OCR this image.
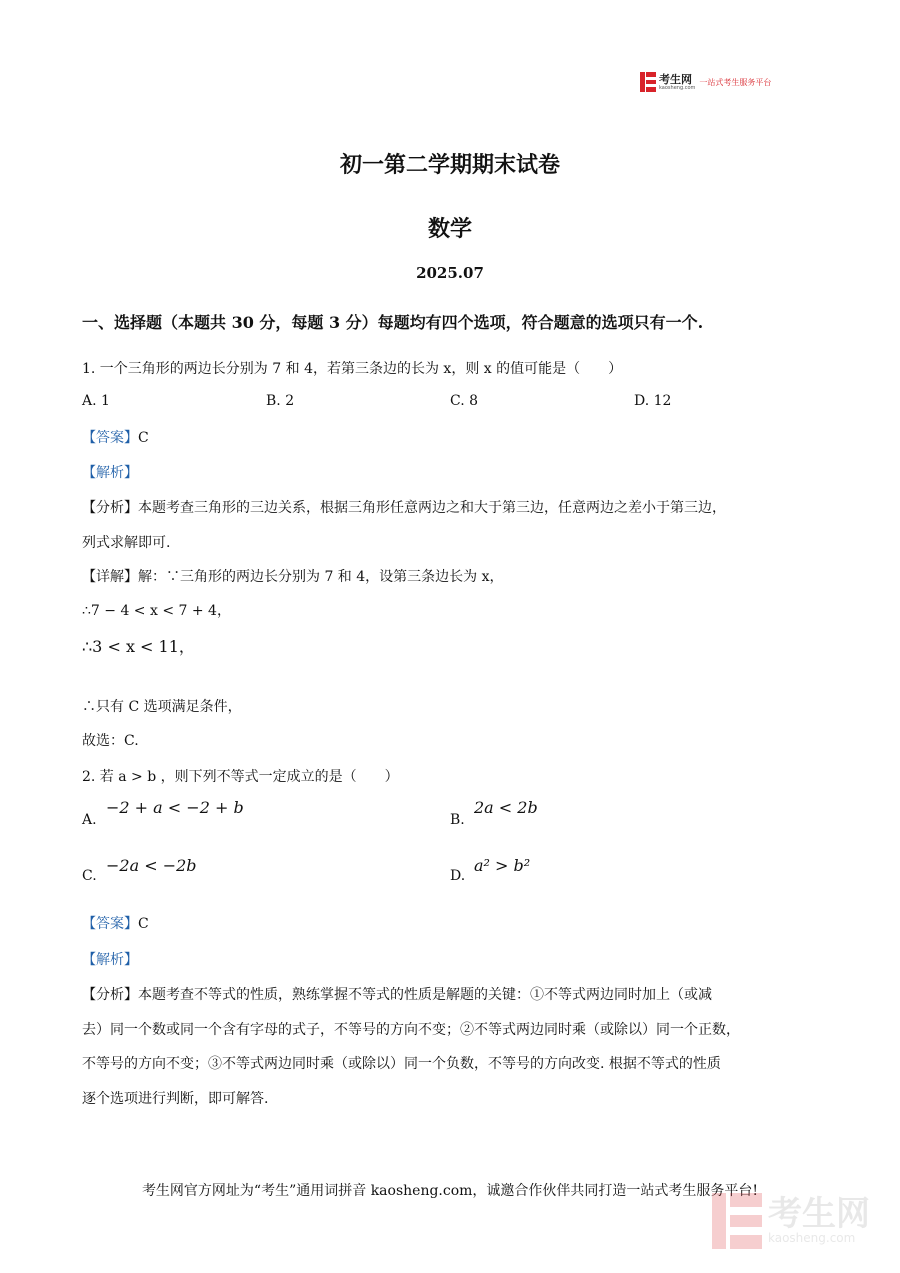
考生网
kaosheng.com
一站式考生服务平台
初一第二学期期末试卷
数学
2025.07
一、选择题（本题共 30 分，每题 3 分）每题均有四个选项，符合题意的选项只有一个.
1. 一个三角形的两边长分别为 7 和 4，若第三条边的长为 x，则 x 的值可能是（　　）
A. 1	B. 2	C. 8	D. 12
【答案】C
【解析】
【分析】本题考查三角形的三边关系，根据三角形任意两边之和大于第三边，任意两边之差小于第三边，
列式求解即可.
【详解】解：∵三角形的两边长分别为 7 和 4，设第三条边长为 x，
∴7 − 4 < x < 7 + 4，
∴3 < x < 11，
∴只有 C 选项满足条件，
故选：C.
2. 若 a > b ，则下列不等式一定成立的是（　　）
A.
−2 + a < −2 + b
B.
2a < 2b
C.
−2a < −2b
D.
a² > b²
【答案】C
【解析】
【分析】本题考查不等式的性质，熟练掌握不等式的性质是解题的关键：①不等式两边同时加上（或减
去）同一个数或同一个含有字母的式子，不等号的方向不变；②不等式两边同时乘（或除以）同一个正数，
不等号的方向不变；③不等式两边同时乘（或除以）同一个负数，不等号的方向改变. 根据不等式的性质
逐个选项进行判断，即可解答.
考生网官方网址为“考生”通用词拼音 kaosheng.com，诚邀合作伙伴共同打造一站式考生服务平台!
考生网
kaosheng.com
